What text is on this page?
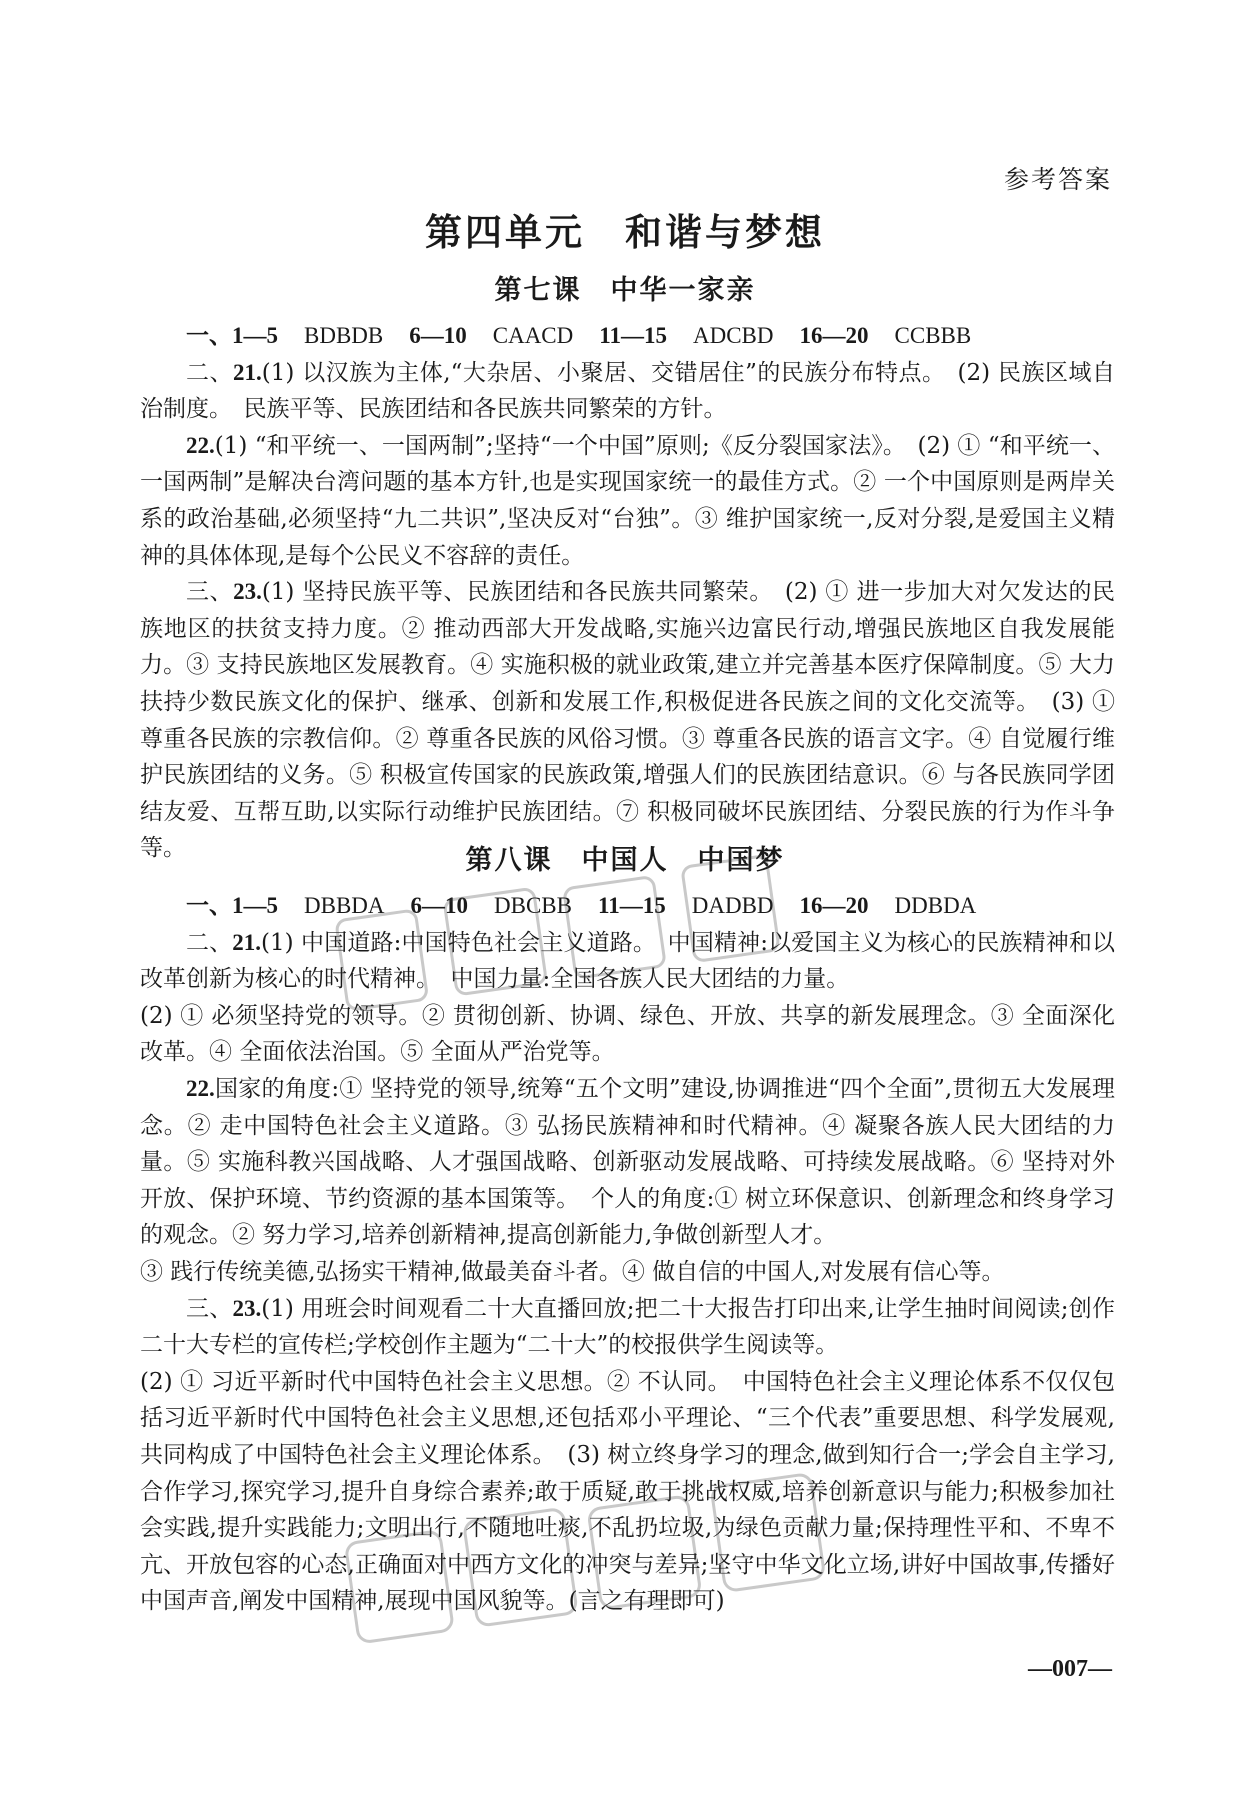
参考答案
第四单元　和谐与梦想
第七课　中华一家亲

一、1—5 BDBDB 6—10 CAACD 11—15 ADCBD 16—20 CCBBB

二、21.(1) 以汉族为主体,“大杂居、小聚居、交错居住”的民族分布特点。　(2) 民族区域自治制度。　民族平等、民族团结和各民族共同繁荣的方针。

22.(1) “和平统一、一国两制”;坚持“一个中国”原则;《反分裂国家法》。　(2) ① “和平统一、一国两制”是解决台湾问题的基本方针,也是实现国家统一的最佳方式。② 一个中国原则是两岸关系的政治基础,必须坚持“九二共识”,坚决反对“台独”。③ 维护国家统一,反对分裂,是爱国主义精神的具体体现,是每个公民义不容辞的责任。

三、23.(1) 坚持民族平等、民族团结和各民族共同繁荣。　(2) ① 进一步加大对欠发达的民族地区的扶贫支持力度。② 推动西部大开发战略,实施兴边富民行动,增强民族地区自我发展能力。③ 支持民族地区发展教育。④ 实施积极的就业政策,建立并完善基本医疗保障制度。⑤ 大力扶持少数民族文化的保护、继承、创新和发展工作,积极促进各民族之间的文化交流等。　(3) ① 尊重各民族的宗教信仰。② 尊重各民族的风俗习惯。③ 尊重各民族的语言文字。④ 自觉履行维护民族团结的义务。⑤ 积极宣传国家的民族政策,增强人们的民族团结意识。⑥ 与各民族同学团结友爱、互帮互助,以实际行动维护民族团结。⑦ 积极同破坏民族团结、分裂民族的行为作斗争等。	第八课　中国人　中国梦

一、1—5 DBBDA 6—10 DBCBB 11—15 DADBD 16—20 DDBDA

二、21.(1) 中国道路:中国特色社会主义道路。　中国精神:以爱国主义为核心的民族精神和以改革创新为核心的时代精神。　中国力量:全国各族人民大团结的力量。

(2) ① 必须坚持党的领导。② 贯彻创新、协调、绿色、开放、共享的新发展理念。③ 全面深化改革。④ 全面依法治国。⑤ 全面从严治党等。

22.国家的角度:① 坚持党的领导,统筹“五个文明”建设,协调推进“四个全面”,贯彻五大发展理念。② 走中国特色社会主义道路。③ 弘扬民族精神和时代精神。④ 凝聚各族人民大团结的力量。⑤ 实施科教兴国战略、人才强国战略、创新驱动发展战略、可持续发展战略。⑥ 坚持对外开放、保护环境、节约资源的基本国策等。　个人的角度:① 树立环保意识、创新理念和终身学习的观念。② 努力学习,培养创新精神,提高创新能力,争做创新型人才。

③ 践行传统美德,弘扬实干精神,做最美奋斗者。④ 做自信的中国人,对发展有信心等。

三、23.(1) 用班会时间观看二十大直播回放;把二十大报告打印出来,让学生抽时间阅读;创作二十大专栏的宣传栏;学校创作主题为“二十大”的校报供学生阅读等。

(2) ① 习近平新时代中国特色社会主义思想。② 不认同。　中国特色社会主义理论体系不仅仅包括习近平新时代中国特色社会主义思想,还包括邓小平理论、“三个代表”重要思想、科学发展观,共同构成了中国特色社会主义理论体系。　(3) 树立终身学习的理念,做到知行合一;学会自主学习,合作学习,探究学习,提升自身综合素养;敢于质疑,敢于挑战权威,培养创新意识与能力;积极参加社会实践,提升实践能力;文明出行,不随地吐痰,不乱扔垃圾,为绿色贡献力量;保持理性平和、不卑不亢、开放包容的心态,正确面对中西方文化的冲突与差异;坚守中华文化立场,讲好中国故事,传播好中国声音,阐发中国精神,展现中国风貌等。(言之有理即可)

—007—
